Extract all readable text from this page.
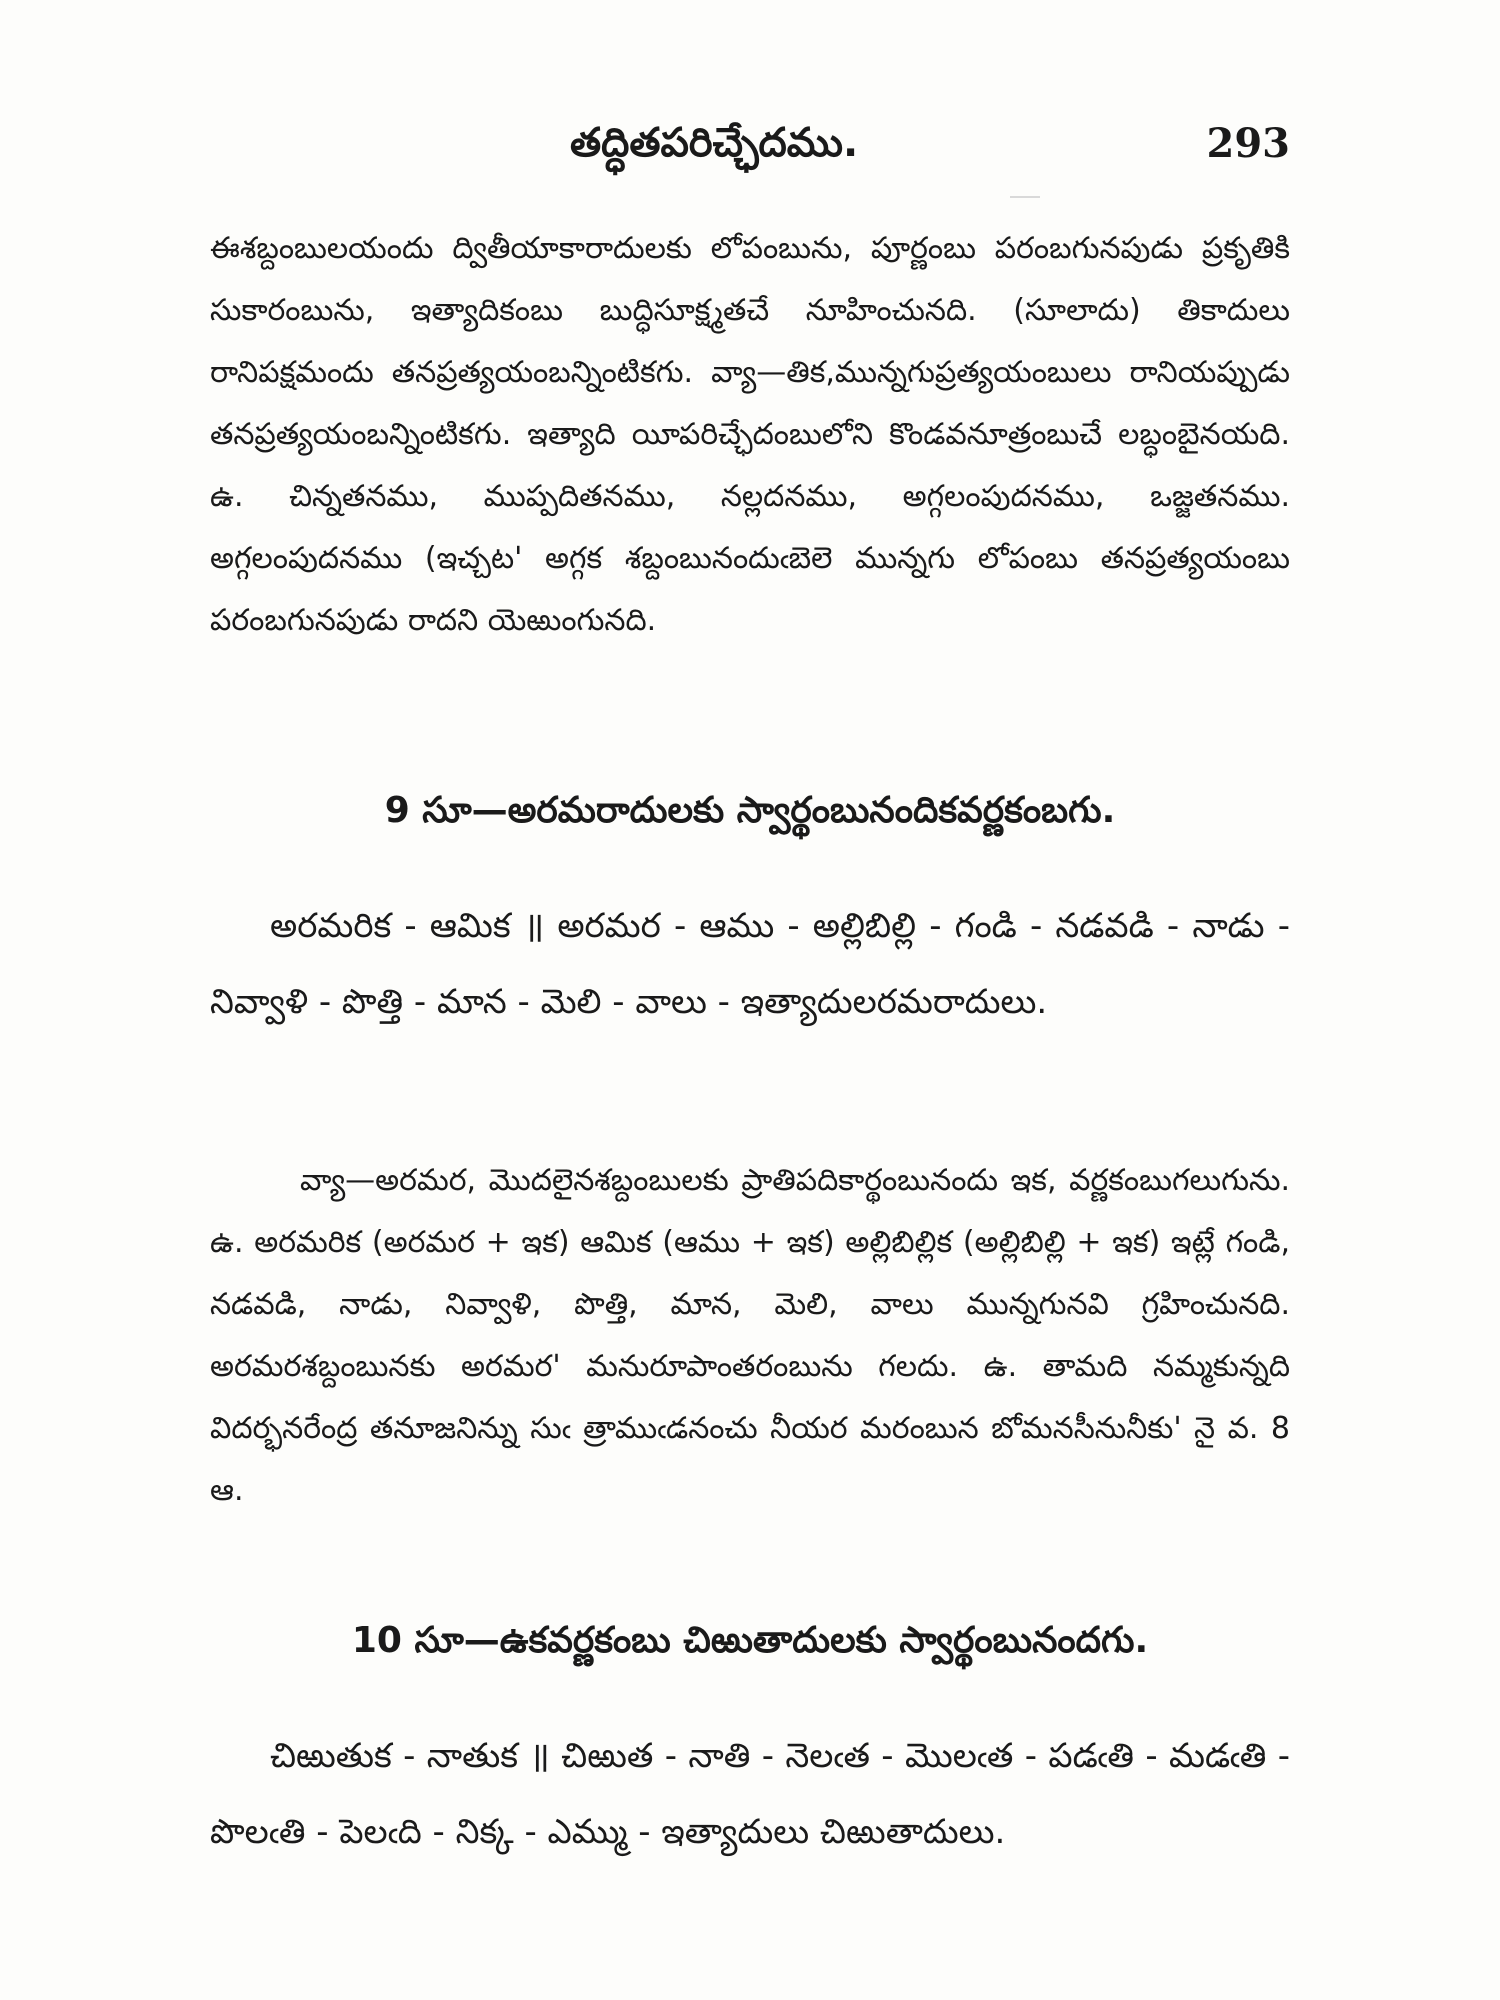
తద్ధితపరిచ్ఛేదము.	293
ఈశబ్దంబులయందు ద్వితీయాకారాదులకు లోపంబును, పూర్ణంబు పరంబగునపుడు ప్రకృతికి సుకారంబును, ఇత్యాదికంబు బుద్ధిసూక్ష్మతచే నూహించునది. (సూలాదు) తికాదులు రానిపక్షమందు తనప్రత్యయంబన్నింటికగు. వ్యా—తిక,మున్నగుప్రత్యయంబులు రానియప్పుడు తనప్రత్యయంబన్నింటికగు. ఇత్యాది యీపరిచ్ఛేదంబులోని కొండవనూత్రంబుచే లబ్ధంబైనయది. ఉ. చిన్నతనము, ముప్పదితనము, నల్లదనము, అగ్గలంపుదనము, ఒజ్జతనము. అగ్గలంపుదనము (ఇచ్చట' అగ్గక శబ్దంబునందుఁబెలె మున్నగు లోపంబు తనప్రత్యయంబు పరంబగునపుడు రాదని యెఱుంగునది.
9 సూ—అరమరాదులకు స్వార్థంబునందికవర్ణకంబగు.
అరమరిక - ఆమిక ॥ అరమర - ఆము - అల్లిబిల్లి - గండి - నడవడి - నాడు - నివ్వాళి - పొత్తి - మాన - మెలి - వాలు - ఇత్యాదులరమరాదులు.
వ్యా—అరమర, మొదలైనశబ్దంబులకు ప్రాతిపదికార్థంబునందు ఇక, వర్ణకంబుగలుగును. ఉ. అరమరిక (అరమర + ఇక) ఆమిక (ఆము + ఇక) అల్లిబిల్లిక (అల్లిబిల్లి + ఇక) ఇట్లే గండి, నడవడి, నాడు, నివ్వాళి, పొత్తి, మాన, మెలి, వాలు మున్నగునవి గ్రహించునది. అరమరశబ్దంబునకు అరమర' మనురూపాంతరంబును గలదు. ఉ. తామది నమ్మకున్నది విదర్భనరేంద్ర తనూజనిన్ను సుఁ త్రాముఁడనంచు నీయర మరంబున బోమనసీనునీకు' నై వ. 8 ఆ.
10 సూ—ఉకవర్ణకంబు చిఱుతాదులకు స్వార్థంబునందగు.
చిఱుతుక - నాతుక ॥ చిఱుత - నాతి - నెలఁత - మొలఁత - పడఁతి - మడఁతి - పొలఁతి - పెలఁది - నిక్క - ఎమ్ము - ఇత్యాదులు చిఱుతాదులు.
